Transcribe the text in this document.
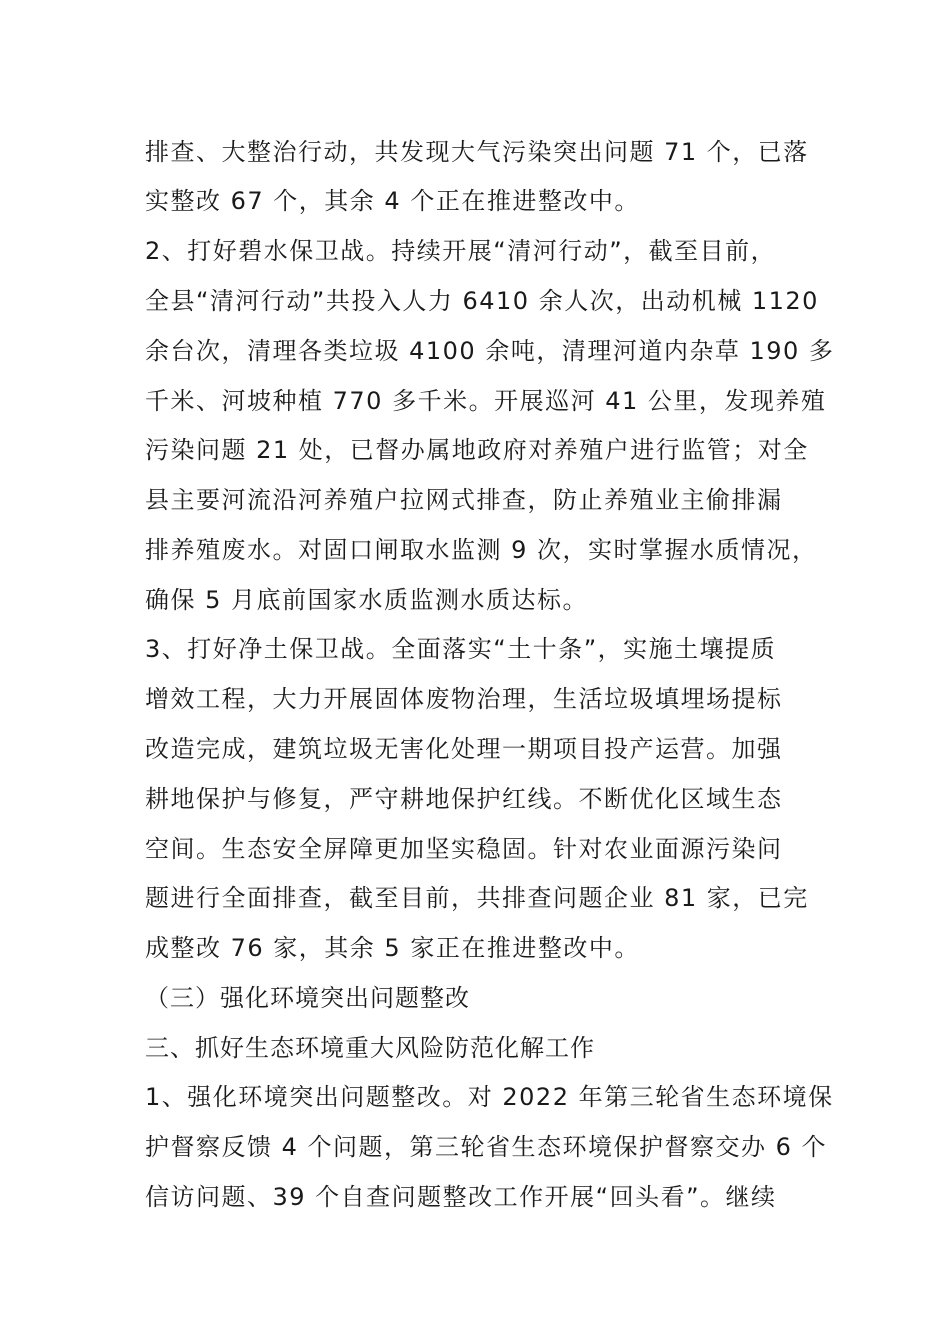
排查、大整治行动，共发现大气污染突出问题 71 个，已落
实整改 67 个，其余 4 个正在推进整改中。
2、打好碧水保卫战。持续开展“清河行动”，截至目前，
全县“清河行动”共投入人力 6410 余人次，出动机械 1120
余台次，清理各类垃圾 4100 余吨，清理河道内杂草 190 多
千米、河坡种植 770 多千米。开展巡河 41 公里，发现养殖
污染问题 21 处，已督办属地政府对养殖户进行监管；对全
县主要河流沿河养殖户拉网式排查，防止养殖业主偷排漏
排养殖废水。对固口闸取水监测 9 次，实时掌握水质情况，
确保 5 月底前国家水质监测水质达标。
3、打好净土保卫战。全面落实“土十条”，实施土壤提质
增效工程，大力开展固体废物治理，生活垃圾填埋场提标
改造完成，建筑垃圾无害化处理一期项目投产运营。加强
耕地保护与修复，严守耕地保护红线。不断优化区域生态
空间。生态安全屏障更加坚实稳固。针对农业面源污染问
题进行全面排查，截至目前，共排查问题企业 81 家，已完
成整改 76 家，其余 5 家正在推进整改中。
（三）强化环境突出问题整改
三、抓好生态环境重大风险防范化解工作
1、强化环境突出问题整改。对 2022 年第三轮省生态环境保
护督察反馈 4 个问题，第三轮省生态环境保护督察交办 6 个
信访问题、39 个自查问题整改工作开展“回头看”。继续
